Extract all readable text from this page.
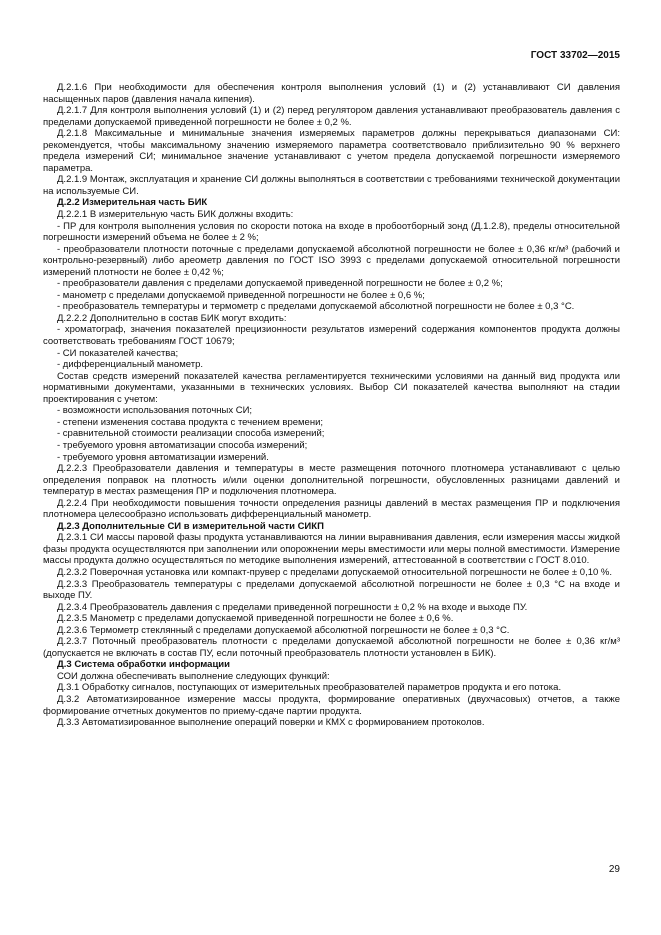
ГОСТ 33702—2015

Д.2.1.6 При необходимости для обеспечения контроля выполнения условий (1) и (2) устанавливают СИ давления насыщенных паров (давления начала кипения).

Д.2.1.7 Для контроля выполнения условий (1) и (2) перед регулятором давления устанавливают преобразователь давления с пределами допускаемой приведенной погрешности не более ± 0,2 %.

Д.2.1.8 Максимальные и минимальные значения измеряемых параметров должны перекрываться диапазонами СИ: рекомендуется, чтобы максимальному значению измеряемого параметра соответствовало приблизительно 90 % верхнего предела измерений СИ; минимальное значение устанавливают с учетом предела допускаемой погрешности измеряемого параметра.

Д.2.1.9 Монтаж, эксплуатация и хранение СИ должны выполняться в соответствии с требованиями технической документации на используемые СИ.

Д.2.2 Измерительная часть БИК

Д.2.2.1 В измерительную часть БИК должны входить:

- ПР для контроля выполнения условия по скорости потока на входе в пробоотборный зонд (Д.1.2.8), пределы относительной погрешности измерений объема не более ± 2 %;

- преобразователи плотности поточные с пределами допускаемой абсолютной погрешности не более ± 0,36 кг/м³ (рабочий и контрольно-резервный) либо ареометр давления по ГОСТ ISO 3993 с пределами допускаемой относительной погрешности измерений плотности не более ± 0,42 %;

- преобразователи давления с пределами допускаемой приведенной погрешности не более ± 0,2 %;

- манометр с пределами допускаемой приведенной погрешности не более ± 0,6 %;

- преобразователь температуры и термометр с пределами допускаемой абсолютной погрешности не более ± 0,3 °С.

Д.2.2.2 Дополнительно в состав БИК могут входить:

- хроматограф, значения показателей прецизионности результатов измерений содержания компонентов продукта должны соответствовать требованиям ГОСТ 10679;

- СИ показателей качества;

- дифференциальный манометр.

Состав средств измерений показателей качества регламентируется техническими условиями на данный вид продукта или нормативными документами, указанными в технических условиях. Выбор СИ показателей качества выполняют на стадии проектирования с учетом:

- возможности использования поточных СИ;

- степени изменения состава продукта с течением времени;

- сравнительной стоимости реализации способа измерений;

- требуемого уровня автоматизации способа измерений;

- требуемого уровня автоматизации измерений.

Д.2.2.3 Преобразователи давления и температуры в месте размещения поточного плотномера устанавливают с целью определения поправок на плотность и/или оценки дополнительной погрешности, обусловленных разницами давлений и температур в местах размещения ПР и подключения плотномера.

Д.2.2.4 При необходимости повышения точности определения разницы давлений в местах размещения ПР и подключения плотномера целесообразно использовать дифференциальный манометр.

Д.2.3 Дополнительные СИ в измерительной части СИКП

Д.2.3.1 СИ массы паровой фазы продукта устанавливаются на линии выравнивания давления, если измерения массы жидкой фазы продукта осуществляются при заполнении или опорожнении меры вместимости или меры полной вместимости. Измерение массы продукта должно осуществляться по методике выполнения измерений, аттестованной в соответствии с ГОСТ 8.010.

Д.2.3.2 Поверочная установка или компакт-прувер с пределами допускаемой относительной погрешности не более ± 0,10 %.

Д.2.3.3 Преобразователь температуры с пределами допускаемой абсолютной погрешности не более ± 0,3 °С на входе и выходе ПУ.

Д.2.3.4 Преобразователь давления с пределами приведенной погрешности ± 0,2 % на входе и выходе ПУ.

Д.2.3.5 Манометр с пределами допускаемой приведенной погрешности не более ± 0,6 %.

Д.2.3.6 Термометр стеклянный с пределами допускаемой абсолютной погрешности не более ± 0,3 °С.

Д.2.3.7 Поточный преобразователь плотности с пределами допускаемой абсолютной погрешности не более ± 0,36 кг/м³ (допускается не включать в состав ПУ, если поточный преобразователь плотности установлен в БИК).

Д.3 Система обработки информации

СОИ должна обеспечивать выполнение следующих функций:

Д.3.1 Обработку сигналов, поступающих от измерительных преобразователей параметров продукта и его потока.

Д.3.2 Автоматизированное измерение массы продукта, формирование оперативных (двухчасовых) отчетов, а также формирование отчетных документов по приему-сдаче партии продукта.

Д.3.3 Автоматизированное выполнение операций поверки и КМХ с формированием протоколов.

29
